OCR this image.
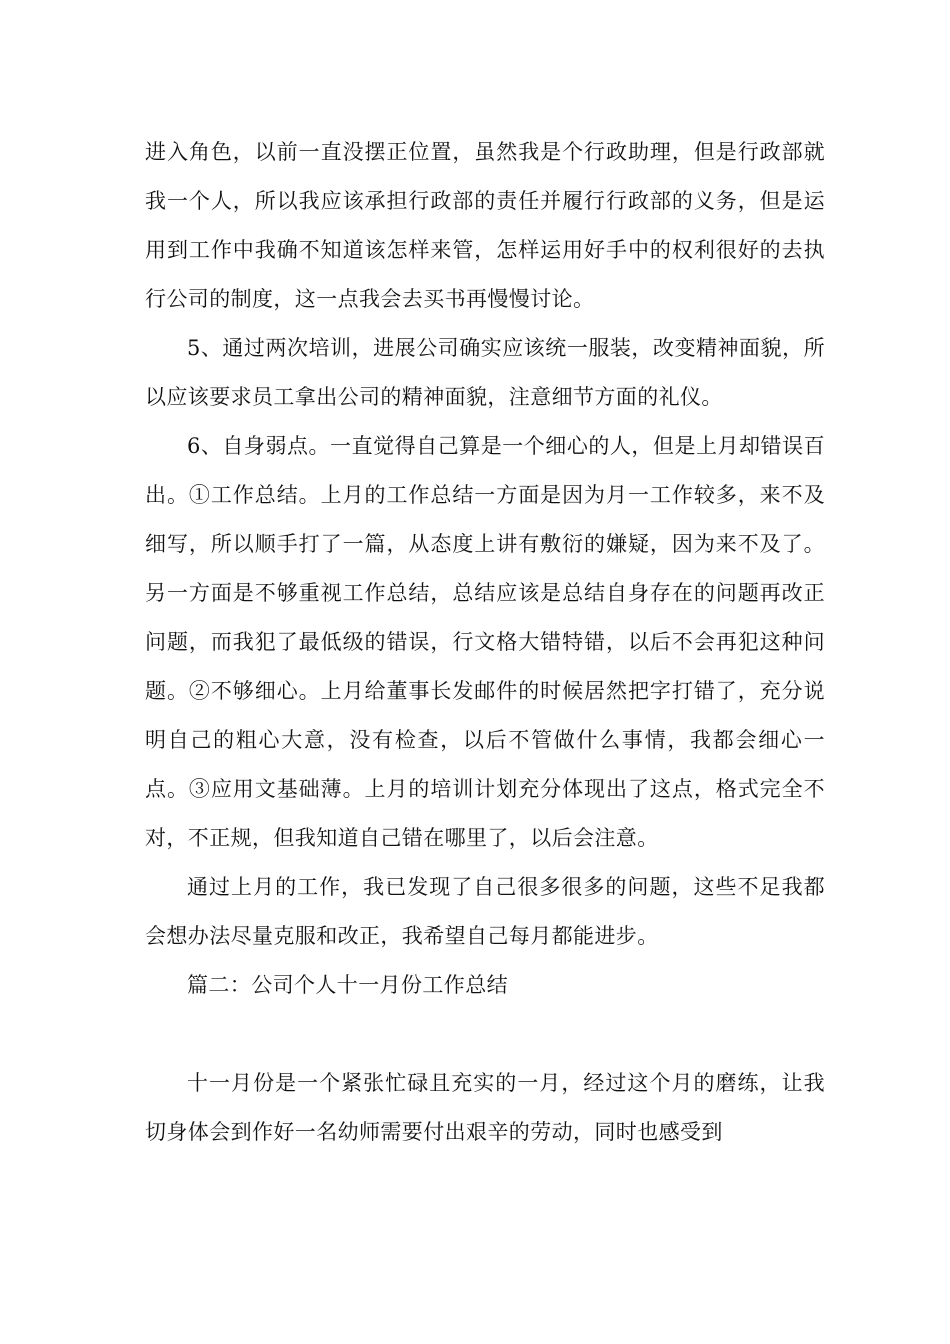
进入角色，以前一直没摆正位置，虽然我是个行政助理，但是行政部就我一个人，所以我应该承担行政部的责任并履行行政部的义务，但是运用到工作中我确不知道该怎样来管，怎样运用好手中的权利很好的去执行公司的制度，这一点我会去买书再慢慢讨论。

5、通过两次培训，进展公司确实应该统一服装，改变精神面貌，所以应该要求员工拿出公司的精神面貌，注意细节方面的礼仪。

6、自身弱点。一直觉得自己算是一个细心的人，但是上月却错误百出。①工作总结。上月的工作总结一方面是因为月一工作较多，来不及细写，所以顺手打了一篇，从态度上讲有敷衍的嫌疑，因为来不及了。另一方面是不够重视工作总结，总结应该是总结自身存在的问题再改正问题，而我犯了最低级的错误，行文格大错特错，以后不会再犯这种问题。②不够细心。上月给董事长发邮件的时候居然把字打错了，充分说明自己的粗心大意，没有检查，以后不管做什么事情，我都会细心一点。③应用文基础薄。上月的培训计划充分体现出了这点，格式完全不对，不正规，但我知道自己错在哪里了，以后会注意。

通过上月的工作，我已发现了自己很多很多的问题，这些不足我都会想办法尽量克服和改正，我希望自己每月都能进步。

篇二：公司个人十一月份工作总结

十一月份是一个紧张忙碌且充实的一月，经过这个月的磨练，让我切身体会到作好一名幼师需要付出艰辛的劳动，同时也感受到
